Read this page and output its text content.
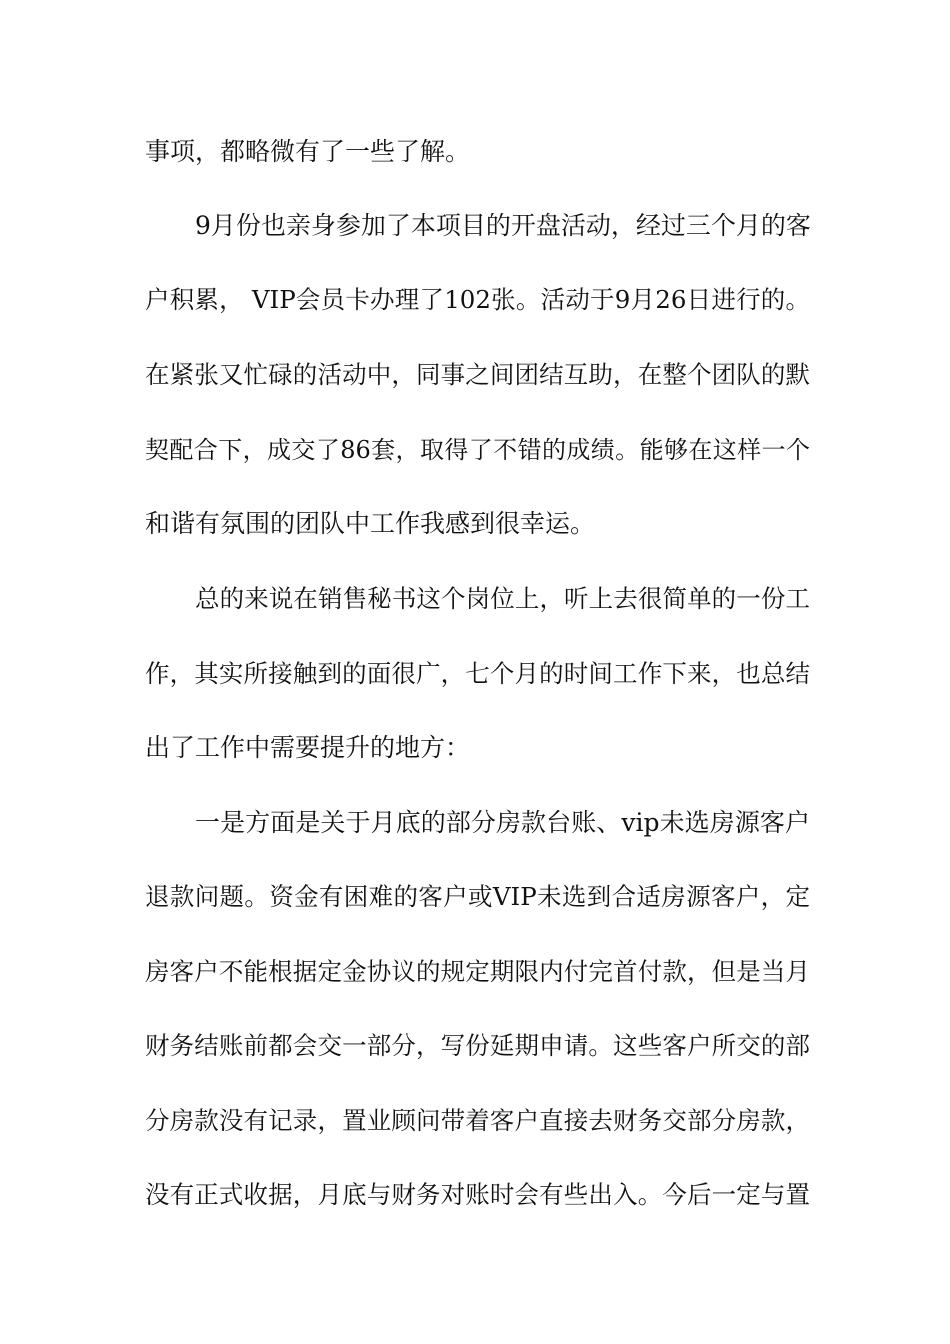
事项，都略微有了一些了解。
9月份也亲身参加了本项目的开盘活动，经过三个月的客
户积累， VIP会员卡办理了102张。活动于9月26日进行的。
在紧张又忙碌的活动中，同事之间团结互助，在整个团队的默
契配合下，成交了86套，取得了不错的成绩。能够在这样一个
和谐有氛围的团队中工作我感到很幸运。
总的来说在销售秘书这个岗位上，听上去很简单的一份工
作，其实所接触到的面很广，七个月的时间工作下来，也总结
出了工作中需要提升的地方：
一是方面是关于月底的部分房款台账、vip未选房源客户
退款问题。资金有困难的客户或VIP未选到合适房源客户，定
房客户不能根据定金协议的规定期限内付完首付款，但是当月
财务结账前都会交一部分，写份延期申请。这些客户所交的部
分房款没有记录，置业顾问带着客户直接去财务交部分房款，
没有正式收据，月底与财务对账时会有些出入。今后一定与置
